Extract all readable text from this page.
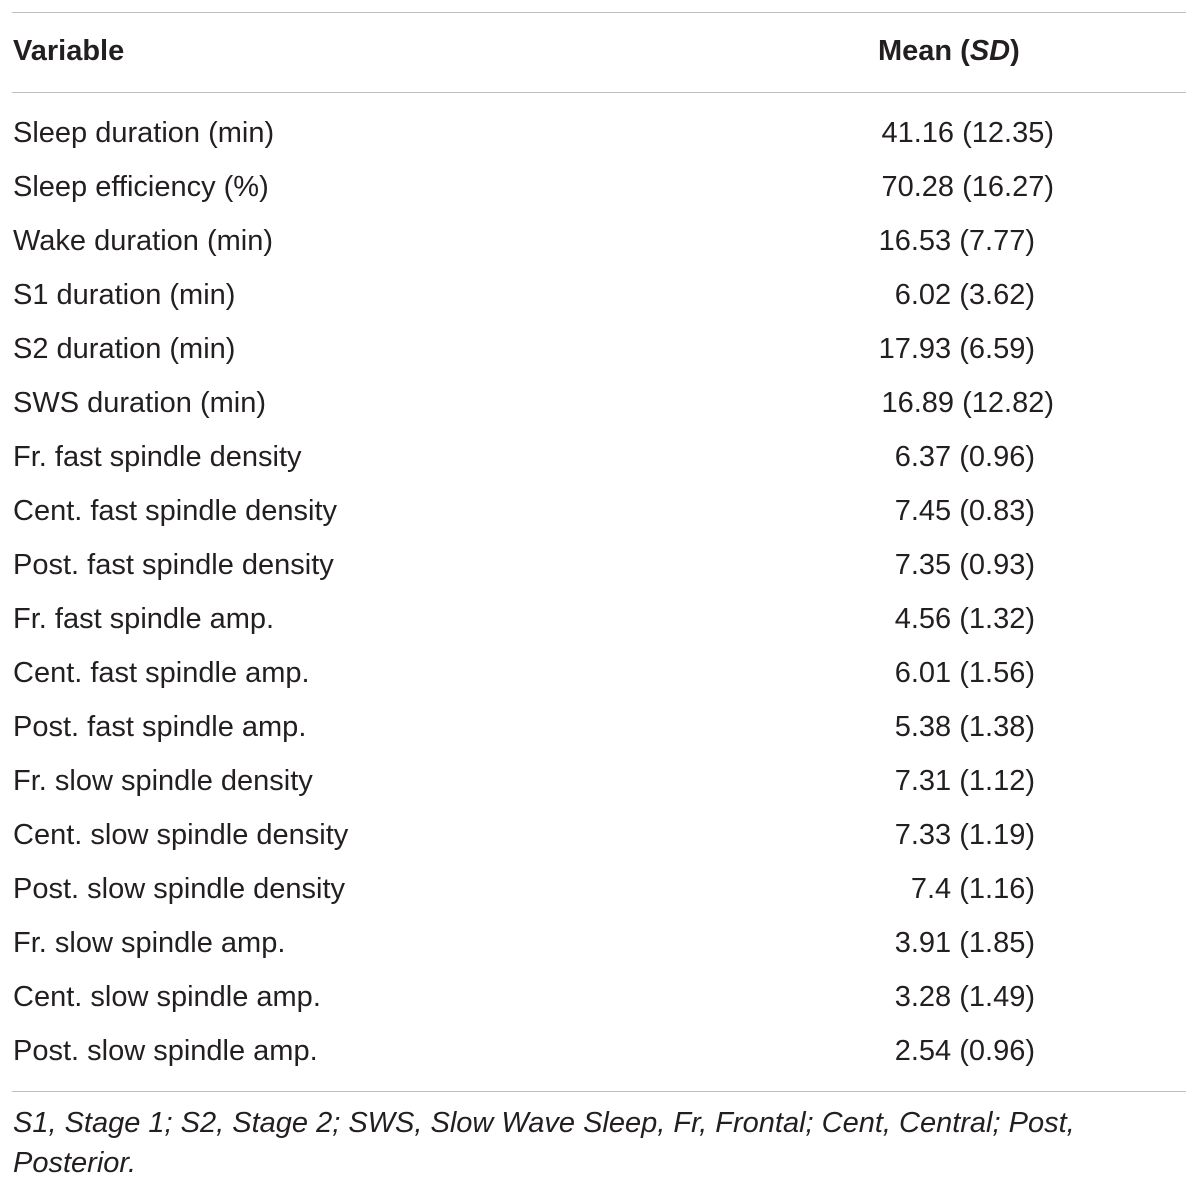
Variable	Mean (SD)
Sleep duration (min)	41.16 (12.35)
Sleep efficiency (%)	70.28 (16.27)
Wake duration (min)	16.53 (7.77)
S1 duration (min)	6.02 (3.62)
S2 duration (min)	17.93 (6.59)
SWS duration (min)	16.89 (12.82)
Fr. fast spindle density	6.37 (0.96)
Cent. fast spindle density	7.45 (0.83)
Post. fast spindle density	7.35 (0.93)
Fr. fast spindle amp.	4.56 (1.32)
Cent. fast spindle amp.	6.01 (1.56)
Post. fast spindle amp.	5.38 (1.38)
Fr. slow spindle density	7.31 (1.12)
Cent. slow spindle density	7.33 (1.19)
Post. slow spindle density	7.4 (1.16)
Fr. slow spindle amp.	3.91 (1.85)
Cent. slow spindle amp.	3.28 (1.49)
Post. slow spindle amp.	2.54 (0.96)
S1, Stage 1; S2, Stage 2; SWS, Slow Wave Sleep, Fr, Frontal; Cent, Central; Post, Posterior.
